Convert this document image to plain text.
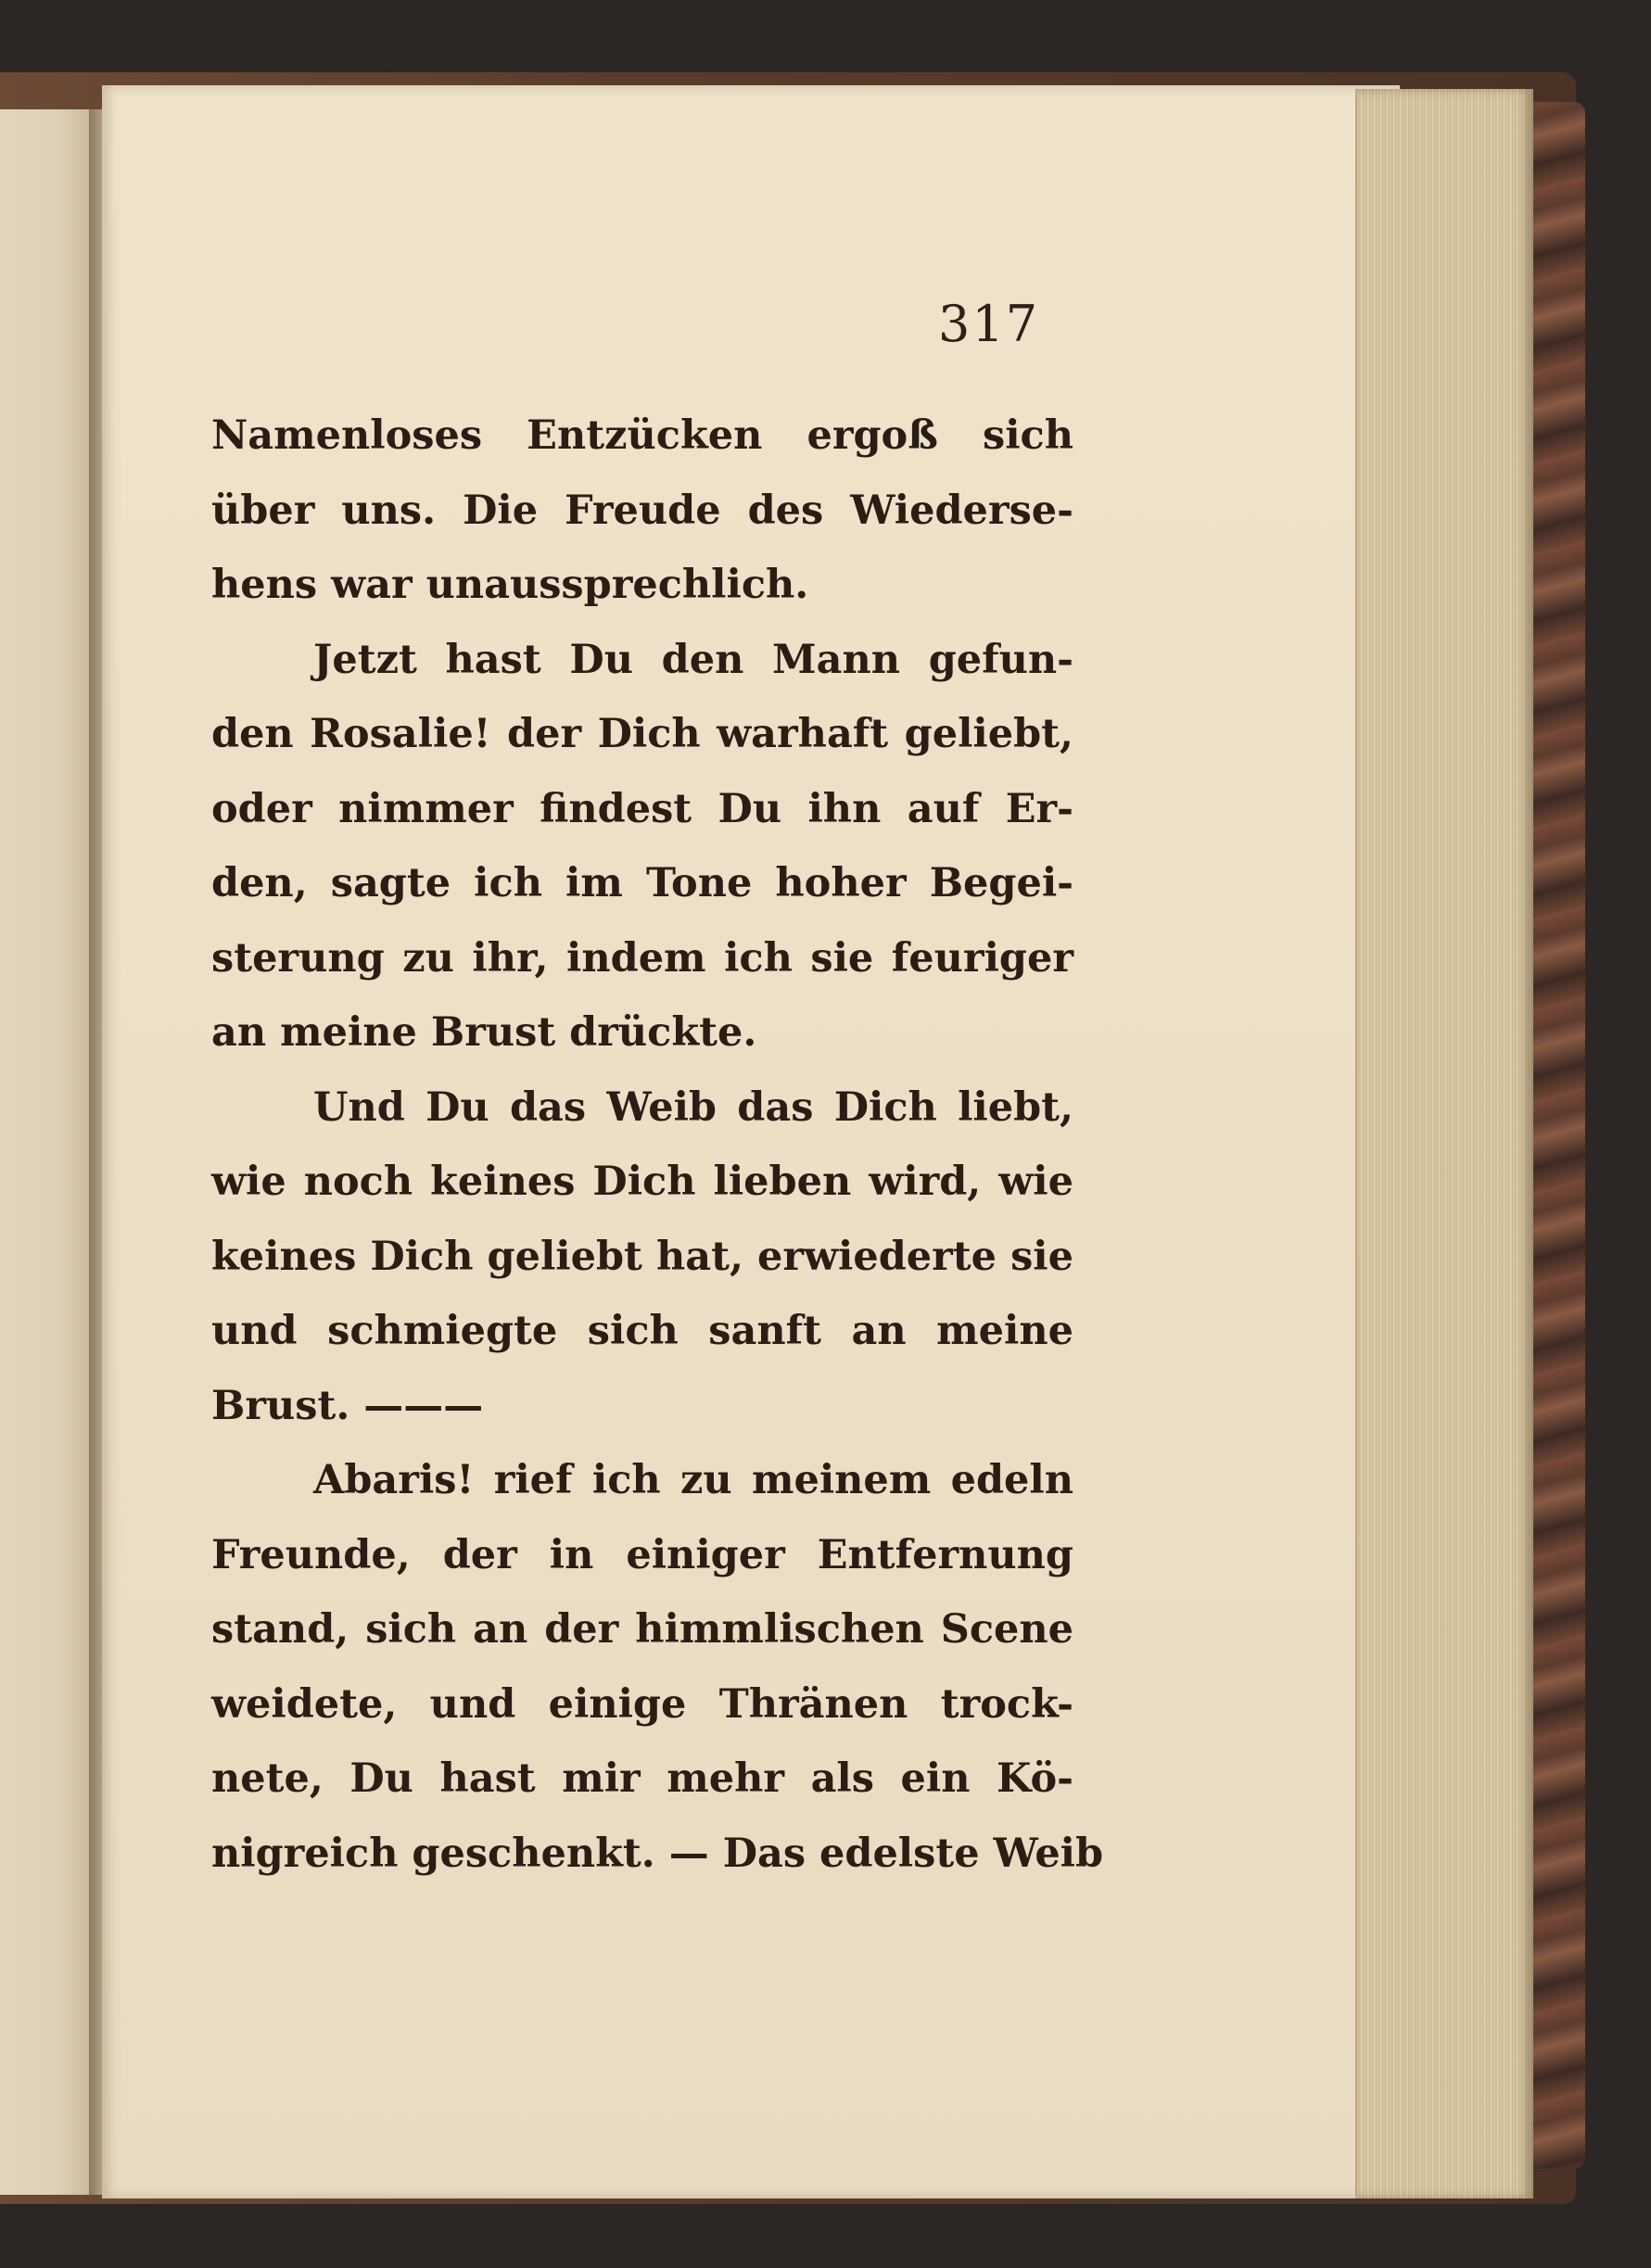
317
Namenloses Entzücken ergoß sich
über uns. Die Freude des Wiederse-
hens war unaussprechlich.
Jetzt hast Du den Mann gefun-
den Rosalie! der Dich warhaft geliebt,
oder nimmer findest Du ihn auf Er-
den, sagte ich im Tone hoher Begei-
sterung zu ihr, indem ich sie feuriger
an meine Brust drückte.
Und Du das Weib das Dich liebt,
wie noch keines Dich lieben wird, wie
keines Dich geliebt hat, erwiederte sie
und schmiegte sich sanft an meine
Brust. ———
Abaris! rief ich zu meinem edeln
Freunde, der in einiger Entfernung
stand, sich an der himmlischen Scene
weidete, und einige Thränen trock-
nete, Du hast mir mehr als ein Kö-
nigreich geschenkt. — Das edelste Weib
